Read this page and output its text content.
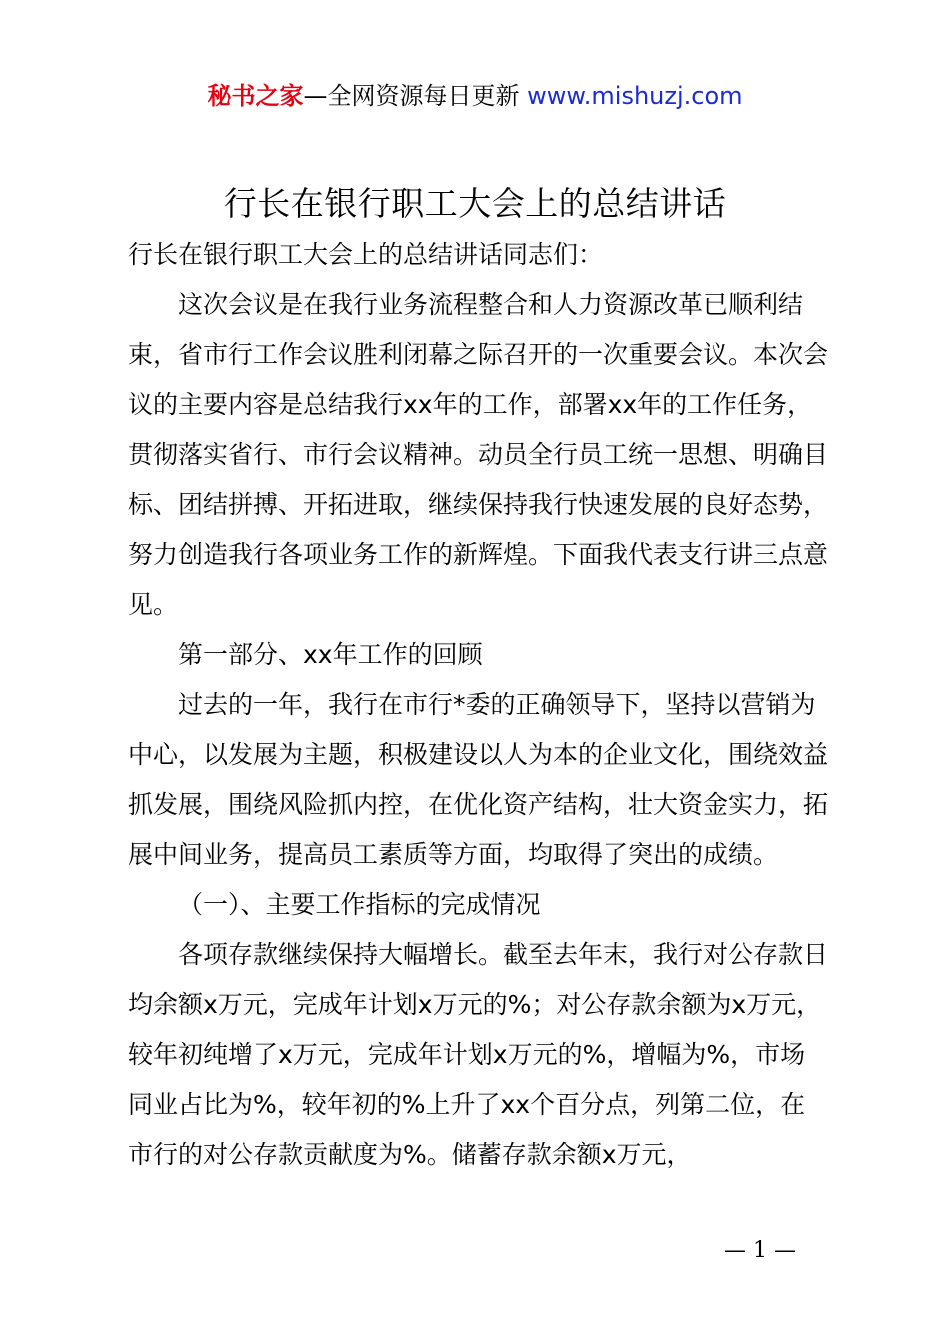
秘书之家—全网资源每日更新 www.mishuzj.com
行长在银行职工大会上的总结讲话

行长在银行职工大会上的总结讲话同志们：

这次会议是在我行业务流程整合和人力资源改革已顺利结束，省市行工作会议胜利闭幕之际召开的一次重要会议。本次会议的主要内容是总结我行xx年的工作，部署xx年的工作任务，贯彻落实省行、市行会议精神。动员全行员工统一思想、明确目标、团结拼搏、开拓进取，继续保持我行快速发展的良好态势，努力创造我行各项业务工作的新辉煌。下面我代表支行讲三点意见。

第一部分、xx年工作的回顾

过去的一年，我行在市行*委的正确领导下，坚持以营销为中心，以发展为主题，积极建设以人为本的企业文化，围绕效益抓发展，围绕风险抓内控，在优化资产结构，壮大资金实力，拓展中间业务，提高员工素质等方面，均取得了突出的成绩。

（一）、主要工作指标的完成情况

各项存款继续保持大幅增长。截至去年末，我行对公存款日均余额x万元，完成年计划x万元的%；对公存款余额为x万元，较年初纯增了x万元，完成年计划x万元的%，增幅为%，市场同业占比为%，较年初的%上升了xx个百分点，列第二位，在市行的对公存款贡献度为%。储蓄存款余额x万元，

— 1 —
